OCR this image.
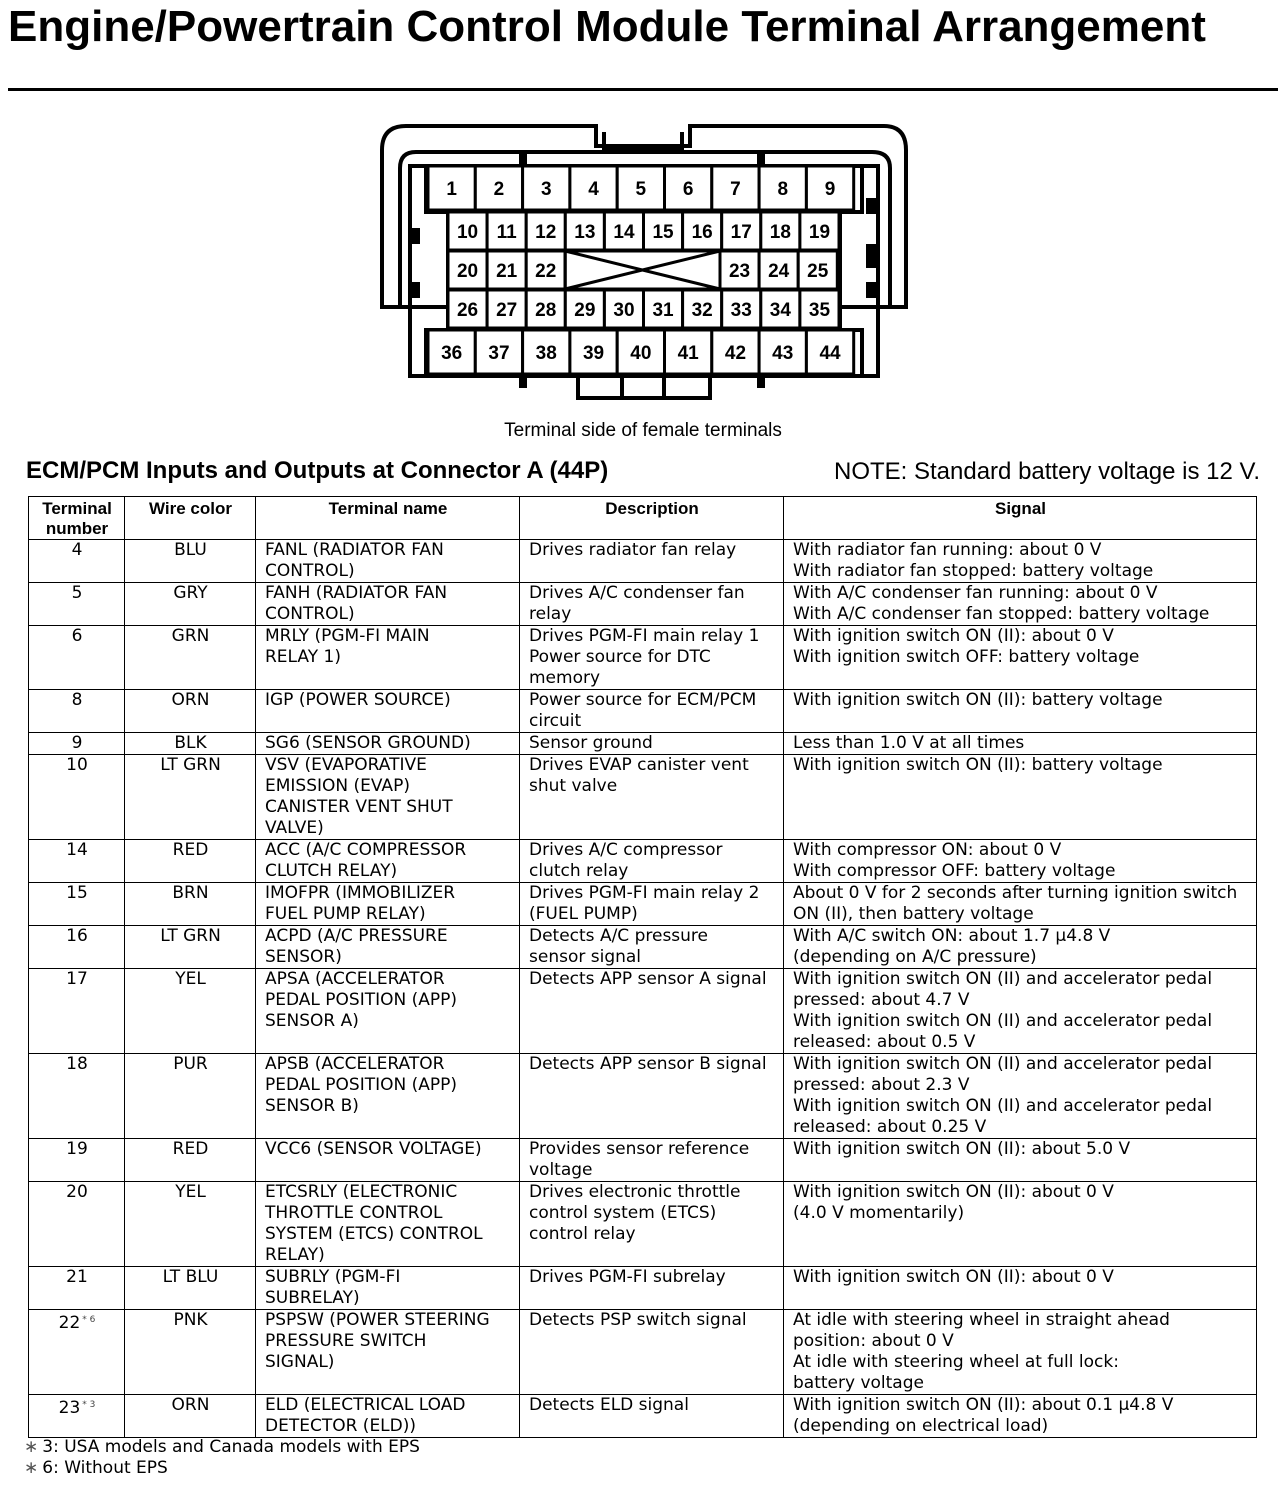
Engine/Powertrain Control Module Terminal Arrangement
1 2 3 4 5 6 7 8 9
10 11 12 13 14 15 16 17 18 19
20 21 22	23 24 25
26 27 28 29 30 31 32 33 34 35
36 37 38 39 40 41 42 43 44
Terminal side of female terminals
ECM/PCM Inputs and Outputs at Connector A (44P)	NOTE: Standard battery voltage is 12 V.
Terminal
number	Wire color	Terminal name	Description	Signal
4	BLU	FANL (RADIATOR FAN
CONTROL)	Drives radiator fan relay	With radiator fan running: about 0 V
With radiator fan stopped: battery voltage

5	GRY	FANH (RADIATOR FAN
CONTROL)	Drives A/C condenser fan
relay	With A/C condenser fan running: about 0 V
With A/C condenser fan stopped: battery voltage

6	GRN	MRLY (PGM-FI MAIN
RELAY 1)	Drives PGM-FI main relay 1
Power source for DTC
memory	With ignition switch ON (II): about 0 V
With ignition switch OFF: battery voltage

8	ORN	IGP (POWER SOURCE)	Power source for ECM/PCM
circuit	With ignition switch ON (II): battery voltage

9	BLK	SG6 (SENSOR GROUND)	Sensor ground	Less than 1.0 V at all times

10	LT GRN	VSV (EVAPORATIVE
EMISSION (EVAP)
CANISTER VENT SHUT
VALVE)	Drives EVAP canister vent
shut valve	With ignition switch ON (II): battery voltage

14	RED	ACC (A/C COMPRESSOR
CLUTCH RELAY)	Drives A/C compressor
clutch relay	With compressor ON: about 0 V
With compressor OFF: battery voltage

15	BRN	IMOFPR (IMMOBILIZER
FUEL PUMP RELAY)	Drives PGM-FI main relay 2
(FUEL PUMP)	About 0 V for 2 seconds after turning ignition switch
ON (II), then battery voltage

16	LT GRN	ACPD (A/C PRESSURE
SENSOR)	Detects A/C pressure
sensor signal	With A/C switch ON: about 1.7 μ4.8 V
(depending on A/C pressure)

17	YEL	APSA (ACCELERATOR
PEDAL POSITION (APP)
SENSOR A)	Detects APP sensor A signal	With ignition switch ON (II) and accelerator pedal
pressed: about 4.7 V
With ignition switch ON (II) and accelerator pedal
released: about 0.5 V

18	PUR	APSB (ACCELERATOR
PEDAL POSITION (APP)
SENSOR B)	Detects APP sensor B signal	With ignition switch ON (II) and accelerator pedal
pressed: about 2.3 V
With ignition switch ON (II) and accelerator pedal
released: about 0.25 V

19	RED	VCC6 (SENSOR VOLTAGE)	Provides sensor reference
voltage	With ignition switch ON (II): about 5.0 V

20	YEL	ETCSRLY (ELECTRONIC
THROTTLE CONTROL
SYSTEM (ETCS) CONTROL
RELAY)	Drives electronic throttle
control system (ETCS)
control relay	With ignition switch ON (II): about 0 V
(4.0 V momentarily)

21	LT BLU	SUBRLY (PGM-FI
SUBRELAY)	Drives PGM-FI subrelay	With ignition switch ON (II): about 0 V

22 $^{* 6}$	PNK	PSPSW (POWER STEERING
PRESSURE SWITCH
SIGNAL)	Detects PSP switch signal	At idle with steering wheel in straight ahead
position: about 0 V
At idle with steering wheel at full lock:
battery voltage

23 $^{* 3}$	ORN	ELD (ELECTRICAL LOAD
DETECTOR (ELD))	Detects ELD signal	With ignition switch ON (II): about 0.1 μ4.8 V
(depending on electrical load)
∗ 3: USA models and Canada models with EPS
∗ 6: Without EPS
